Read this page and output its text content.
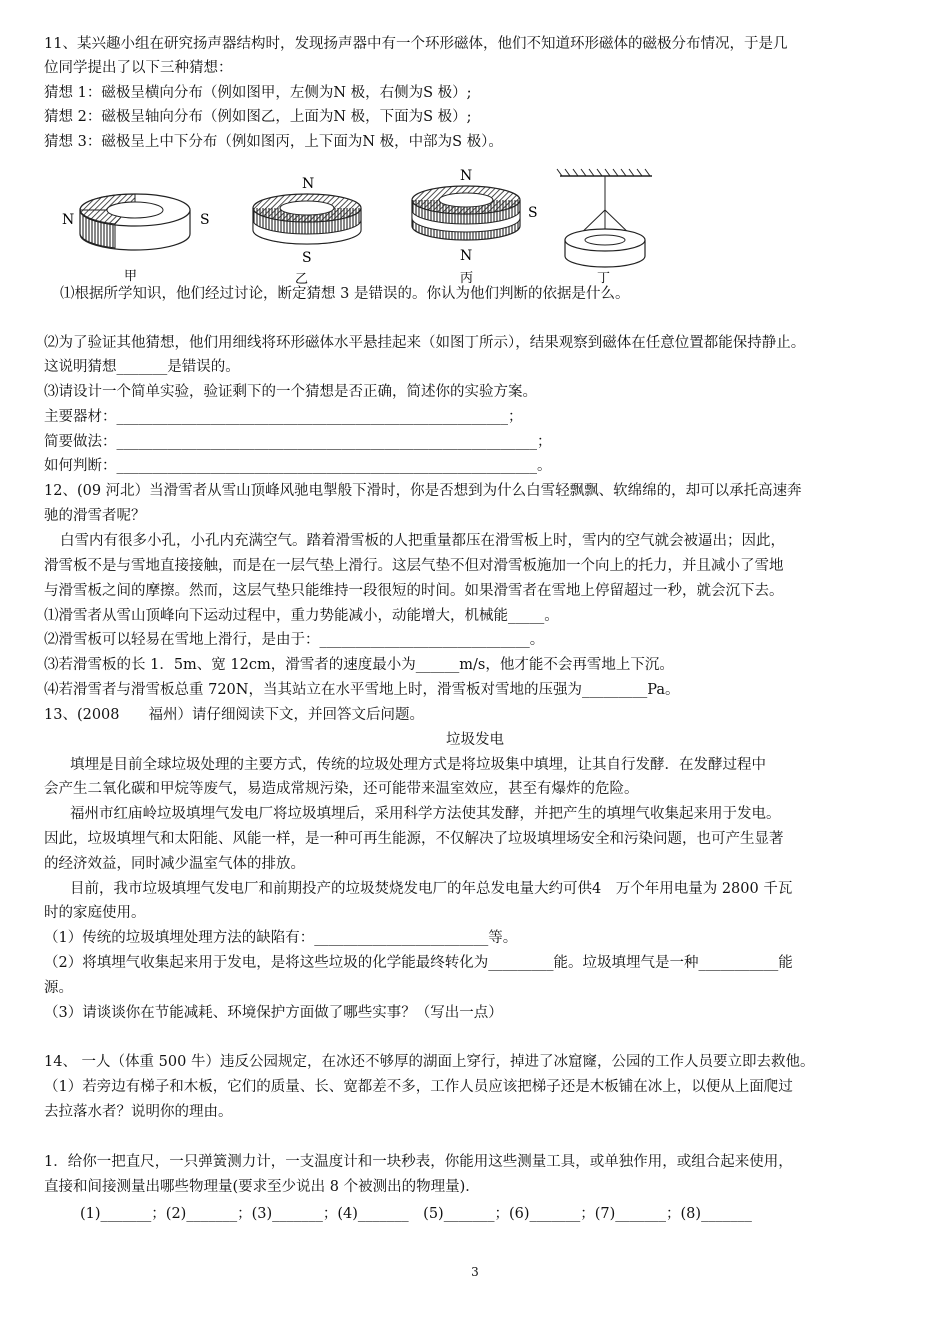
11、某兴趣小组在研究扬声器结构时，发现扬声器中有一个环形磁体，他们不知道环形磁体的磁极分布情况，于是几
位同学提出了以下三种猜想：
猜想 1：磁极呈横向分布（例如图甲，左侧为N 极，右侧为S 极）;
猜想 2：磁极呈轴向分布（例如图乙，上面为N 极，下面为S 极）;
猜想 3：磁极呈上中下分布（例如图丙，上下面为N 极，中部为S 极）。
N	S
甲
N
S
乙
N
S
N
丙	丁
⑴根据所学知识，他们经过讨论，断定猜想 3 是错误的。你认为他们判断的依据是什么。
⑵为了验证其他猜想，他们用细线将环形磁体水平悬挂起来（如图丁所示），结果观察到磁体在任意位置都能保持静止。
这说明猜想_______是错误的。
⑶请设计一个简单实验，验证剩下的一个猜想是否正确，简述你的实验方案。
主要器材：______________________________________________________；
简要做法：__________________________________________________________；
如何判断：__________________________________________________________。
12、(09 河北）当滑雪者从雪山顶峰风驰电掣般下滑时，你是否想到为什么白雪轻飘飘、软绵绵的，却可以承托高速奔
驰的滑雪者呢？
白雪内有很多小孔，小孔内充满空气。踏着滑雪板的人把重量都压在滑雪板上时，雪内的空气就会被逼出；因此，
滑雪板不是与雪地直接接触，而是在一层气垫上滑行。这层气垫不但对滑雪板施加一个向上的托力，并且减小了雪地
与滑雪板之间的摩擦。然而，这层气垫只能维持一段很短的时间。如果滑雪者在雪地上停留超过一秒，就会沉下去。
⑴滑雪者从雪山顶峰向下运动过程中，重力势能减小，动能增大，机械能_____。
⑵滑雪板可以轻易在雪地上滑行，是由于：_____________________________。
⑶若滑雪板的长 1．5m、宽 12cm，滑雪者的速度最小为______m/s，他才能不会再雪地上下沉。
⑷若滑雪者与滑雪板总重 720N，当其站立在水平雪地上时，滑雪板对雪地的压强为_________Pa。
13、(2008　　福州）请仔细阅读下文，并回答文后问题。
垃圾发电
填埋是目前全球垃圾处理的主要方式，传统的垃圾处理方式是将垃圾集中填埋，让其自行发酵．在发酵过程中
会产生二氧化碳和甲烷等废气，易造成常规污染，还可能带来温室效应，甚至有爆炸的危险。
福州市红庙岭垃圾填埋气发电厂将垃圾填埋后，采用科学方法使其发酵，并把产生的填埋气收集起来用于发电。
因此，垃圾填埋气和太阳能、风能一样，是一种可再生能源，不仅解决了垃圾填埋场安全和污染问题，也可产生显著
的经济效益，同时减少温室气体的排放。
目前，我市垃圾填埋气发电厂和前期投产的垃圾焚烧发电厂的年总发电量大约可供4　万个年用电量为 2800 千瓦
时的家庭使用。
（1）传统的垃圾填埋处理方法的缺陷有：________________________等。
（2）将填埋气收集起来用于发电，是将这些垃圾的化学能最终转化为_________能。垃圾填埋气是一种___________能
源。
（3）请谈谈你在节能减耗、环境保护方面做了哪些实事？（写出一点）
14、 一人（体重 500 牛）违反公园规定，在冰还不够厚的湖面上穿行，掉进了冰窟窿，公园的工作人员要立即去救他。
（1）若旁边有梯子和木板，它们的质量、长、宽都差不多，工作人员应该把梯子还是木板铺在冰上，以便从上面爬过
去拉落水者？说明你的理由。
1．给你一把直尺，一只弹簧测力计，一支温度计和一块秒表，你能用这些测量工具，或单独作用，或组合起来使用，
直接和间接测量出哪些物理量(要求至少说出 8 个被测出的物理量)．
(1)_______；(2)_______；(3)_______；(4)_______　(5)_______；(6)_______；(7)_______；(8)_______
3
